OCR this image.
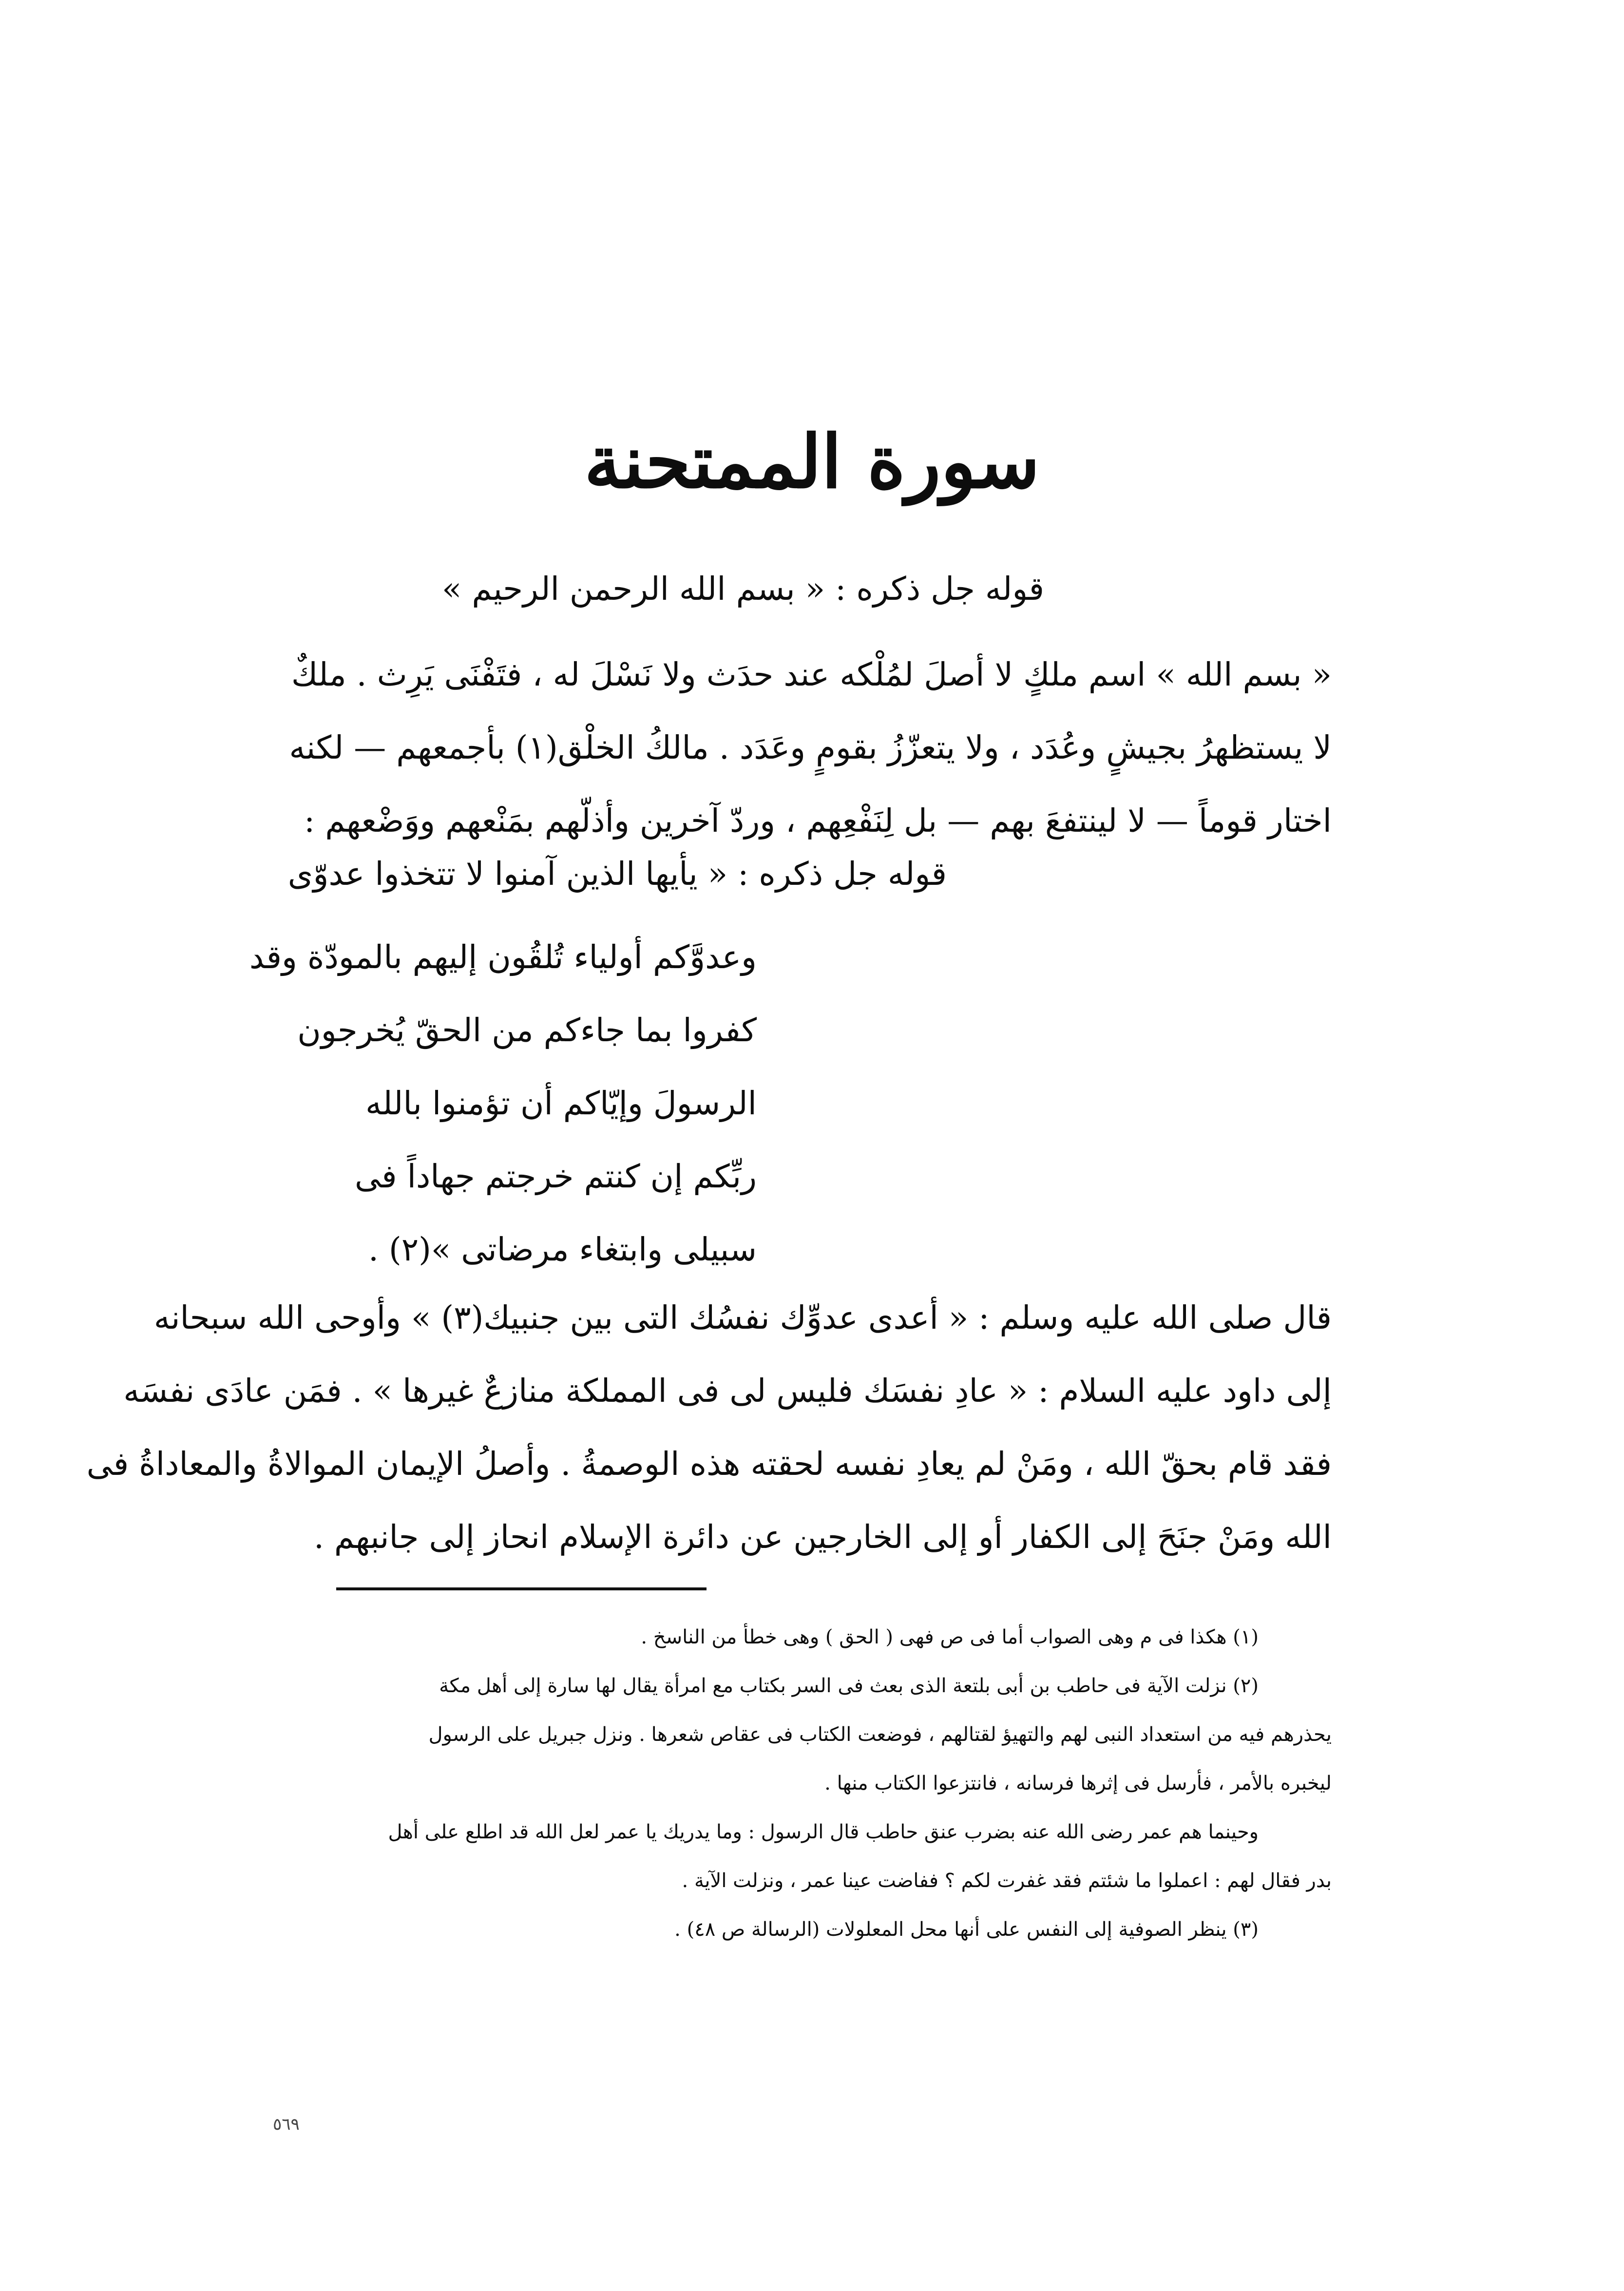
سورة الممتحنة
قوله جل ذكره : « بسم الله الرحمن الرحيم »
« بسم الله » اسم ملكٍ لا أصلَ لمُلْكه عند حدَث ولا نَسْلَ له ، فتَفْنَى يَرِث . ملكٌ
لا يستظهرُ بجيشٍ وعُدَد ، ولا يتعزّزُ بقومٍ وعَدَد . مالكُ الخلْق(١) بأجمعهم — لكنه
اختار قوماً — لا لينتفعَ بهم — بل لِنَفْعِهم ، وردّ آخرين وأذلّهم بمَنْعهم ووَضْعهم :
قوله جل ذكره : « يأيها الذين آمنوا لا تتخذوا عدوّى
وعدوَّكم أولياء تُلقُون إليهم بالمودّة وقد
كفروا بما جاءكم من الحقّ يُخرجون
الرسولَ وإيّاكم أن تؤمنوا بالله
ربِّكم إن كنتم خرجتم جهاداً فى
سبيلى وابتغاء مرضاتى »(٢) .
قال صلى الله عليه وسلم : « أعدى عدوِّك نفسُك التى بين جنبيك(٣) » وأوحى الله سبحانه
إلى داود عليه السلام : « عادِ نفسَك فليس لى فى المملكة منازعٌ غيرها » . فمَن عادَى نفسَه
فقد قام بحقّ الله ، ومَنْ لم يعادِ نفسه لحقته هذه الوصمةُ . وأصلُ الإيمان الموالاةُ والمعاداةُ فى
الله ومَنْ جنَحَ إلى الكفار أو إلى الخارجين عن دائرة الإسلام انحاز إلى جانبهم .
(١) هكذا فى م وهى الصواب أما فى ص فهى ( الحق ) وهى خطأ من الناسخ .
(٢) نزلت الآية فى حاطب بن أبى بلتعة الذى بعث فى السر بكتاب مع امرأة يقال لها سارة إلى أهل مكة
يحذرهم فيه من استعداد النبى لهم والتهيؤ لقتالهم ، فوضعت الكتاب فى عقاص شعرها . ونزل جبريل على الرسول
ليخبره بالأمر ، فأرسل فى إثرها فرسانه ، فانتزعوا الكتاب منها .
وحينما هم عمر رضى الله عنه بضرب عنق حاطب قال الرسول : وما يدريك يا عمر لعل الله قد اطلع على أهل
بدر فقال لهم : اعملوا ما شئتم فقد غفرت لكم ؟ ففاضت عينا عمر ، ونزلت الآية .
(٣) ينظر الصوفية إلى النفس على أنها محل المعلولات (الرسالة ص ٤٨) .
٥٦٩
